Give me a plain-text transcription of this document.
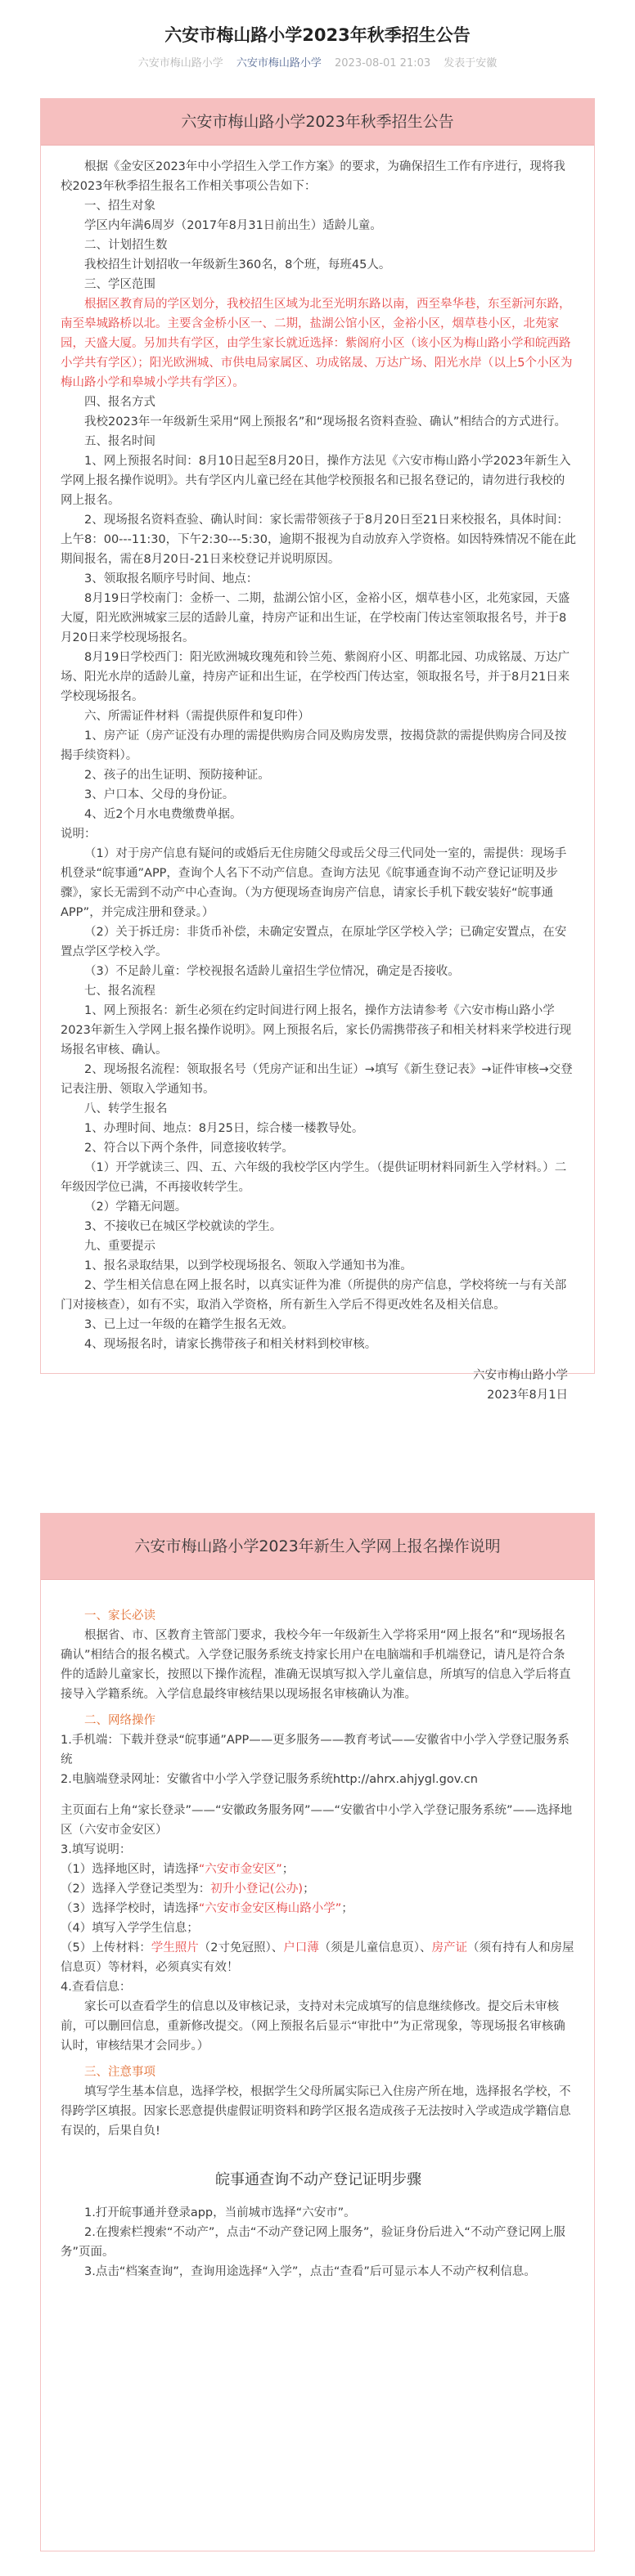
六安市梅山路小学2023年秋季招生公告
六安市梅山路小学 六安市梅山路小学 2023-08-01 21:03 发表于安徽
六安市梅山路小学2023年秋季招生公告

根据《金安区2023年中小学招生入学工作方案》的要求，为确保招生工作有序进行，现将我校2023年秋季招生报名工作相关事项公告如下：

一、招生对象

学区内年满6周岁（2017年8月31日前出生）适龄儿童。

二、计划招生数

我校招生计划招收一年级新生360名，8个班，每班45人。

三、学区范围

根据区教育局的学区划分，我校招生区域为北至光明东路以南，西至皋华巷，东至新河东路，南至皋城路桥以北。主要含金桥小区一、二期，盐湖公馆小区，金裕小区，烟草巷小区，北苑家园，天盛大厦。另加共有学区，由学生家长就近选择：紫阁府小区（该小区为梅山路小学和皖西路小学共有学区）；阳光欧洲城、市供电局家属区、功成铭晟、万达广场、阳光水岸（以上5个小区为梅山路小学和皋城小学共有学区）。

四、报名方式

我校2023年一年级新生采用“网上预报名”和“现场报名资料查验、确认”相结合的方式进行。

五、报名时间

1、网上预报名时间：8月10日起至8月20日，操作方法见《六安市梅山路小学2023年新生入学网上报名操作说明》。共有学区内儿童已经在其他学校预报名和已报名登记的，请勿进行我校的网上报名。

2、现场报名资料查验、确认时间：家长需带领孩子于8月20日至21日来校报名，具体时间：上午8：00---11:30，下午2:30---5:30，逾期不报视为自动放弃入学资格。如因特殊情况不能在此期间报名，需在8月20日-21日来校登记并说明原因。

3、领取报名顺序号时间、地点：

8月19日学校南门：金桥一、二期，盐湖公馆小区，金裕小区，烟草巷小区，北苑家园，天盛大厦，阳光欧洲城家三层的适龄儿童，持房产证和出生证，在学校南门传达室领取报名号，并于8月20日来学校现场报名。

8月19日学校西门：阳光欧洲城玫瑰苑和铃兰苑、紫阁府小区、明都北园、功成铭晟、万达广场、阳光水岸的适龄儿童，持房产证和出生证，在学校西门传达室，领取报名号，并于8月21日来学校现场报名。

六、所需证件材料（需提供原件和复印件）

1、房产证（房产证没有办理的需提供购房合同及购房发票，按揭贷款的需提供购房合同及按揭手续资料）。

2、孩子的出生证明、预防接种证。

3、户口本、父母的身份证。

4、近2个月水电费缴费单据。

说明：

（1）对于房产信息有疑问的或婚后无住房随父母或岳父母三代同处一室的，需提供：现场手机登录“皖事通”APP，查询个人名下不动产信息。查询方法见《皖事通查询不动产登记证明及步骤》，家长无需到不动产中心查询。（为方便现场查询房产信息，请家长手机下载安装好“皖事通APP”，并完成注册和登录。）

（2）关于拆迁房：非货币补偿，未确定安置点，在原址学区学校入学；已确定安置点，在安置点学区学校入学。

（3）不足龄儿童：学校视报名适龄儿童招生学位情况，确定是否接收。

七、报名流程

1、网上预报名：新生必须在约定时间进行网上报名，操作方法请参考《六安市梅山路小学2023年新生入学网上报名操作说明》。网上预报名后，家长仍需携带孩子和相关材料来学校进行现场报名审核、确认。

2、现场报名流程：领取报名号（凭房产证和出生证）→填写《新生登记表》→证件审核→交登记表注册、领取入学通知书。

八、转学生报名

1、办理时间、地点：8月25日，综合楼一楼教导处。

2、符合以下两个条件，同意接收转学。

（1）开学就读三、四、五、六年级的我校学区内学生。（提供证明材料同新生入学材料。）二年级因学位已满，不再接收转学生。

（2）学籍无问题。

3、不接收已在城区学校就读的学生。

九、重要提示

1、报名录取结果，以到学校现场报名、领取入学通知书为准。

2、学生相关信息在网上报名时，以真实证件为准（所提供的房产信息，学校将统一与有关部门对接核查），如有不实，取消入学资格，所有新生入学后不得更改姓名及相关信息。

3、已上过一年级的在籍学生报名无效。

4、现场报名时，请家长携带孩子和相关材料到校审核。

六安市梅山路小学

2023年8月1日

六安市梅山路小学2023年新生入学网上报名操作说明

一、家长必读

根据省、市、区教育主管部门要求，我校今年一年级新生入学将采用“网上报名”和“现场报名确认”相结合的报名模式。入学登记服务系统支持家长用户在电脑端和手机端登记，请凡是符合条件的适龄儿童家长，按照以下操作流程，准确无误填写拟入学儿童信息，所填写的信息入学后将直接导入学籍系统。入学信息最终审核结果以现场报名审核确认为准。

二、网络操作

1.手机端：下载并登录“皖事通”APP——更多服务——教育考试——安徽省中小学入学登记服务系统

2.电脑端登录网址：安徽省中小学入学登记服务系统http://ahrx.ahjygl.gov.cn

主页面右上角“家长登录”——“安徽政务服务网”——“安徽省中小学入学登记服务系统”——选择地区（六安市金安区）

3.填写说明：

（1）选择地区时，请选择“六安市金安区”；

（2）选择入学登记类型为：初升小登记(公办)；

（3）选择学校时，请选择“六安市金安区梅山路小学”；

（4）填写入学学生信息；

（5）上传材料：学生照片（2寸免冠照）、户口薄（须是儿童信息页）、房产证（须有持有人和房屋信息页）等材料，必须真实有效！

4.查看信息：

家长可以查看学生的信息以及审核记录，支持对未完成填写的信息继续修改。提交后未审核前，可以删回信息，重新修改提交。（网上预报名后显示“审批中”为正常现象，等现场报名审核确认时，审核结果才会同步。）

三、注意事项

填写学生基本信息，选择学校，根据学生父母所属实际已入住房产所在地，选择报名学校，不得跨学区填报。因家长恶意提供虚假证明资料和跨学区报名造成孩子无法按时入学或造成学籍信息有误的，后果自负!

皖事通查询不动产登记证明步骤

1.打开皖事通并登录app，当前城市选择“六安市”。

2.在搜索栏搜索“不动产”，点击“不动产登记网上服务”，验证身份后进入“不动产登记网上服务”页面。

3.点击“档案查询”，查询用途选择“入学”，点击“查看”后可显示本人不动产权利信息。
